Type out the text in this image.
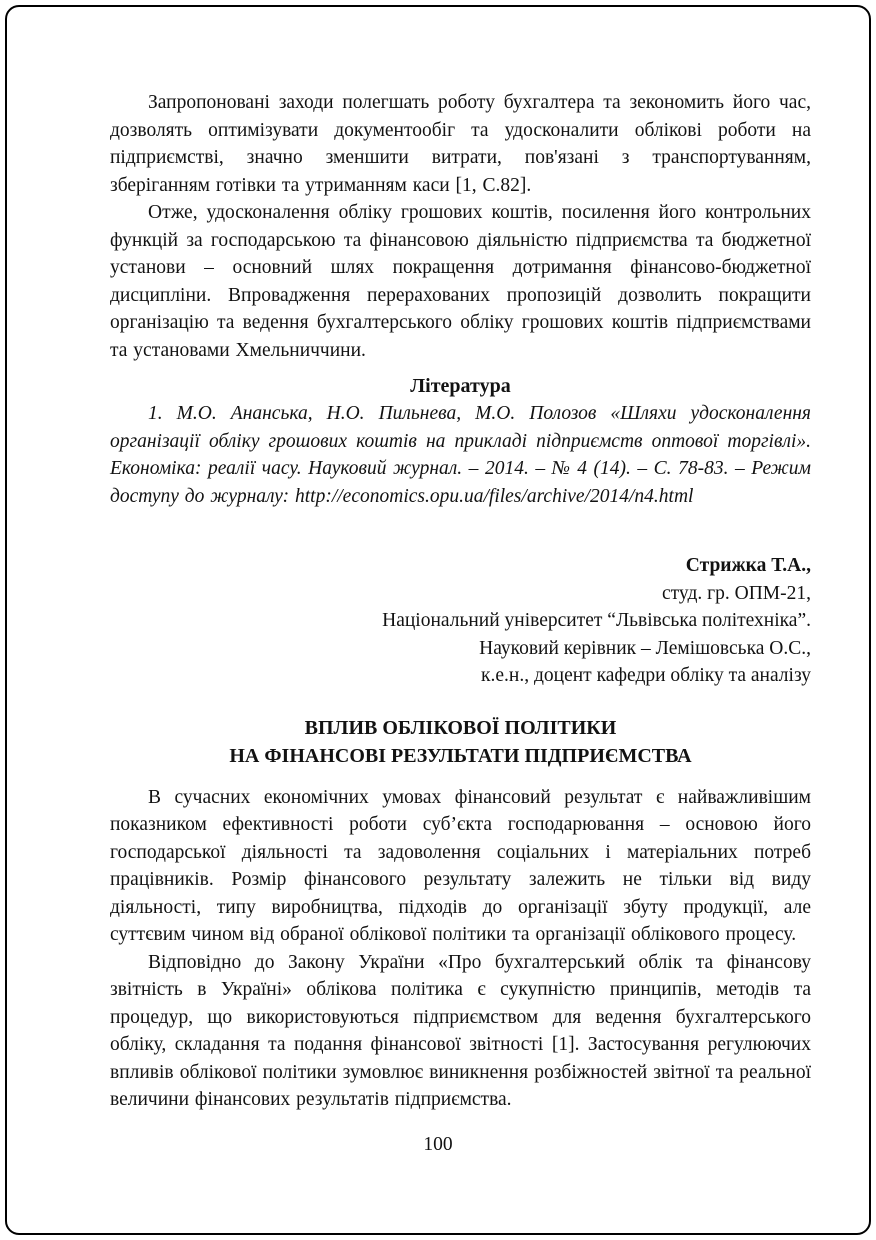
Запропоновані заходи полегшать роботу бухгалтера та зекономить його час, дозволять оптимізувати документообіг та удосконалити облікові роботи на підприємстві, значно зменшити витрати, пов'язані з транспортуванням, зберіганням готівки та утриманням каси [1, С.82].

Отже, удосконалення обліку грошових коштів, посилення його контрольних функцій за господарською та фінансовою діяльністю підприємства та бюджетної установи – основний шлях покращення дотримання фінансово-бюджетної дисципліни. Впровадження перерахованих пропозицій дозволить покращити організацію та ведення бухгалтерського обліку грошових коштів підприємствами та установами Хмельниччини.

Література

1. М.О. Ананська, Н.О. Пильнева, М.О. Полозов «Шляхи удосконалення організації обліку грошових коштів на прикладі підприємств оптової торгівлі». Економіка: реалії часу. Науковий журнал. – 2014. – № 4 (14). – С. 78-83. – Режим доступу до журналу: http://economics.opu.ua/files/archive/2014/n4.html

Стрижка Т.А.,
студ. гр. ОПМ-21,
Національний університет “Львівська політехніка”.
Науковий керівник – Лемішовська О.С.,
к.е.н., доцент кафедри обліку та аналізу
ВПЛИВ ОБЛІКОВОЇ ПОЛІТИКИ
НА ФІНАНСОВІ РЕЗУЛЬТАТИ ПІДПРИЄМСТВА

В сучасних економічних умовах фінансовий результат є найважливішим показником ефективності роботи суб’єкта господарювання – основою його господарської діяльності та задоволення соціальних і матеріальних потреб працівників. Розмір фінансового результату залежить не тільки від виду діяльності, типу виробництва, підходів до організації збуту продукції, але суттєвим чином від обраної облікової політики та організації облікового процесу.

Відповідно до Закону України «Про бухгалтерський облік та фінансову звітність в Україні» облікова політика є сукупністю принципів, методів та процедур, що використовуються підприємством для ведення бухгалтерського обліку, складання та подання фінансової звітності [1]. Застосування регулюючих впливів облікової політики зумовлює виникнення розбіжностей звітної та реальної величини фінансових результатів підприємства.

100
